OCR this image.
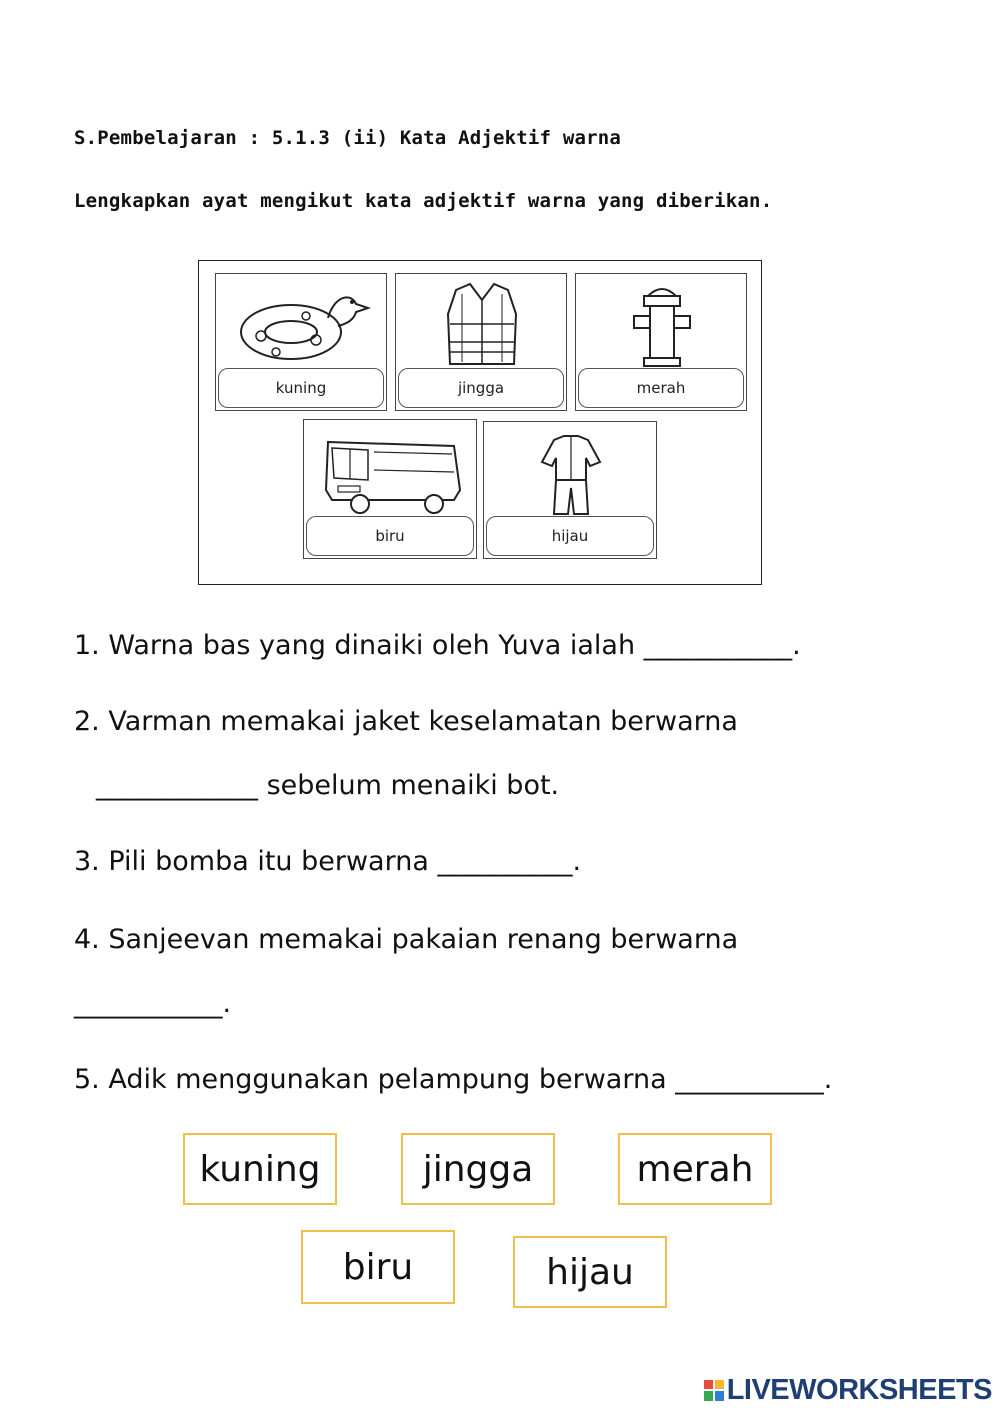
S.Pembelajaran : 5.1.3 (ii) Kata Adjektif warna
Lengkapkan ayat mengikut kata adjektif warna yang diberikan.
kuning	jingga	merah
biru	hijau
1. Warna bas yang dinaiki oleh Yuva ialah ___________.
2. Varman memakai jaket keselamatan berwarna
____________ sebelum menaiki bot.
3. Pili bomba itu berwarna __________.
4. Sanjeevan memakai pakaian renang berwarna
___________.
5. Adik menggunakan pelampung berwarna ___________.
kuning	jingga	merah
biru	hijau
LIVEWORKSHEETS
